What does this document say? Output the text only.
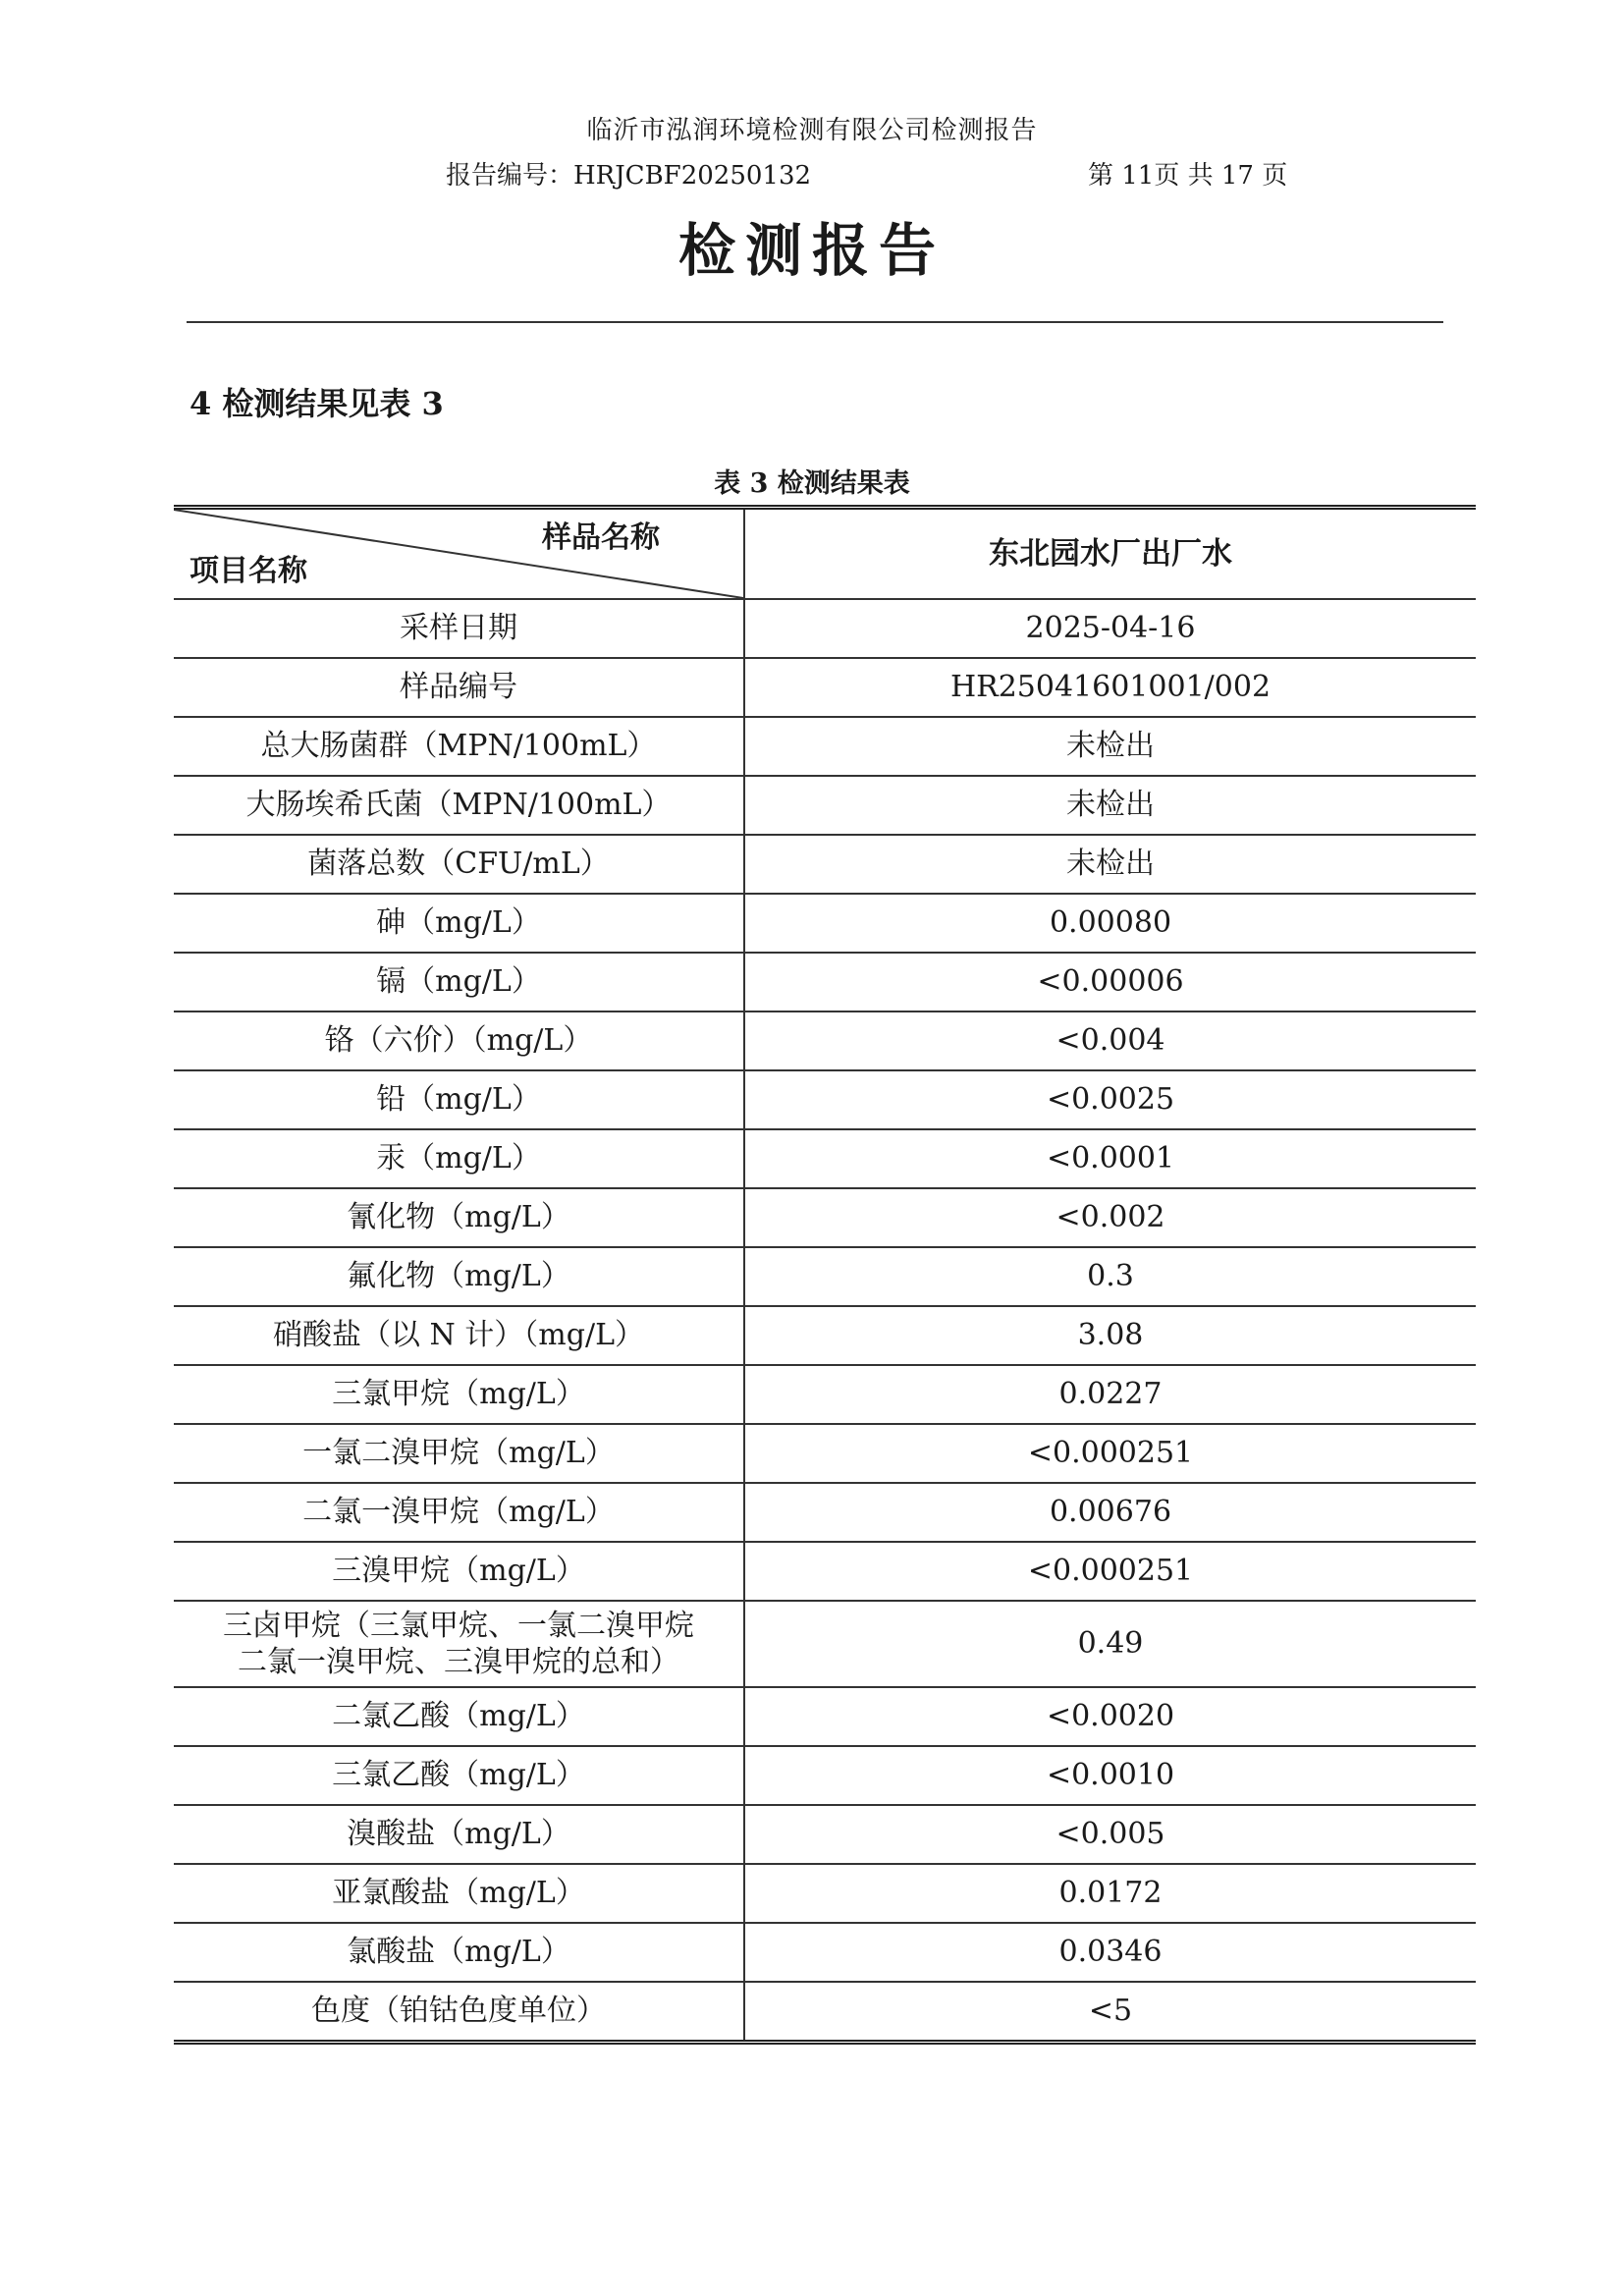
临沂市泓润环境检测有限公司检测报告
报告编号：HRJCBF20250132	第 11页 共 17 页
检测报告
4 检测结果见表 3
表 3 检测结果表
样品名称
项目名称	东北园水厂出厂水
采样日期	2025-04-16
样品编号	HR25041601001/002
总大肠菌群（MPN/100mL）	未检出
大肠埃希氏菌（MPN/100mL）	未检出
菌落总数（CFU/mL）	未检出
砷（mg/L）	0.00080
镉（mg/L）	<0.00006
铬（六价）（mg/L）	<0.004
铅（mg/L）	<0.0025
汞（mg/L）	<0.0001
氰化物（mg/L）	<0.002
氟化物（mg/L）	0.3
硝酸盐（以 N 计）（mg/L）	3.08
三氯甲烷（mg/L）	0.0227
一氯二溴甲烷（mg/L）	<0.000251
二氯一溴甲烷（mg/L）	0.00676
三溴甲烷（mg/L）	<0.000251

三卤甲烷（三氯甲烷、一氯二溴甲烷
二氯一溴甲烷、三溴甲烷的总和）	0.49
二氯乙酸（mg/L）	<0.0020
三氯乙酸（mg/L）	<0.0010
溴酸盐（mg/L）	<0.005
亚氯酸盐（mg/L）	0.0172
氯酸盐（mg/L）	0.0346
色度（铂钴色度单位）	<5
